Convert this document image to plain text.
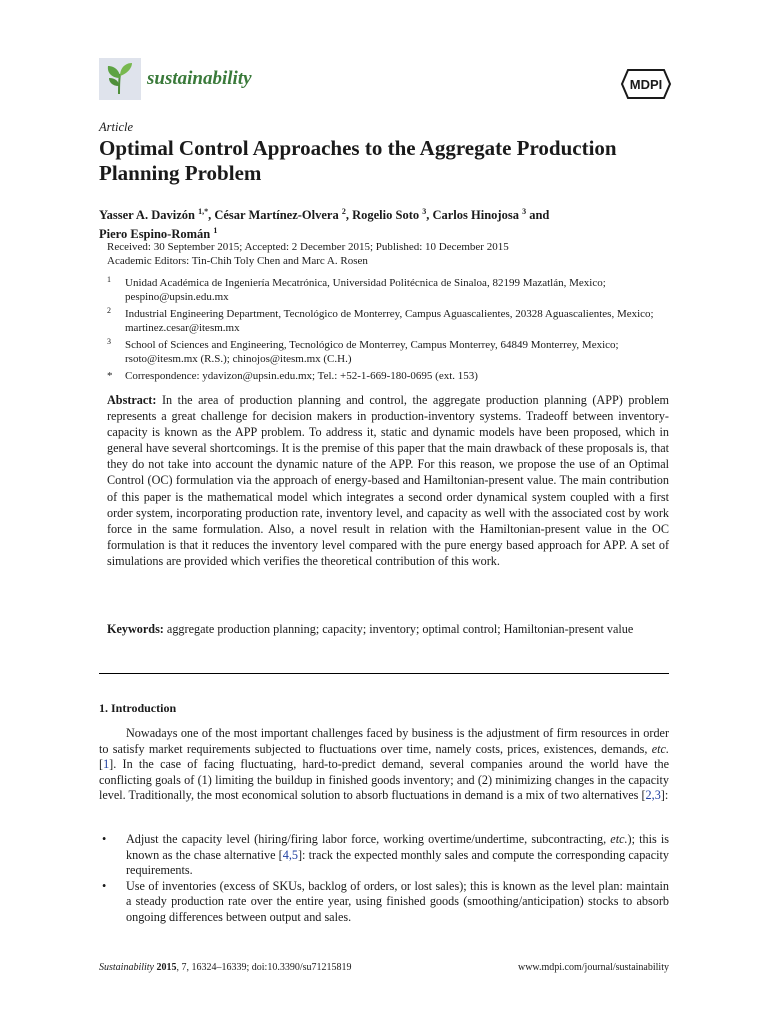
sustainability	MDPI
Article
Optimal Control Approaches to the Aggregate Production Planning Problem
Yasser A. Davizón $^{1,*}$, César Martínez-Olvera $^2$, Rogelio Soto $^3$, Carlos Hinojosa $^3$ and
Piero Espino-Román $^1$
Received: 30 September 2015; Accepted: 2 December 2015; Published: 10 December 2015
Academic Editors: Tin-Chih Toly Chen and Marc A. Rosen
1 Unidad Académica de Ingeniería Mecatrónica, Universidad Politécnica de Sinaloa, 82199 Mazatlán, Mexico; pespino@upsin.edu.mx
2 Industrial Engineering Department, Tecnológico de Monterrey, Campus Aguascalientes, 20328 Aguascalientes, Mexico; martinez.cesar@itesm.mx
3 School of Sciences and Engineering, Tecnológico de Monterrey, Campus Monterrey, 64849 Monterrey, Mexico; rsoto@itesm.mx (R.S.); chinojos@itesm.mx (C.H.)
* Correspondence: ydavizon@upsin.edu.mx; Tel.: +52-1-669-180-0695 (ext. 153)
Abstract: In the area of production planning and control, the aggregate production planning (APP) problem represents a great challenge for decision makers in production-inventory systems. Tradeoff between inventory-capacity is known as the APP problem. To address it, static and dynamic models have been proposed, which in general have several shortcomings. It is the premise of this paper that the main drawback of these proposals is, that they do not take into account the dynamic nature of the APP. For this reason, we propose the use of an Optimal Control (OC) formulation via the approach of energy-based and Hamiltonian-present value. The main contribution of this paper is the mathematical model which integrates a second order dynamical system coupled with a first order system, incorporating production rate, inventory level, and capacity as well with the associated cost by work force in the same formulation. Also, a novel result in relation with the Hamiltonian-present value in the OC formulation is that it reduces the inventory level compared with the pure energy based approach for APP. A set of simulations are provided which verifies the theoretical contribution of this work.
Keywords: aggregate production planning; capacity; inventory; optimal control; Hamiltonian-present value
1. Introduction

Nowadays one of the most important challenges faced by business is the adjustment of firm resources in order to satisfy market requirements subjected to fluctuations over time, namely costs, prices, existences, demands, etc. [1]. In the case of facing fluctuating, hard-to-predict demand, several companies around the world have the conflicting goals of (1) limiting the buildup in finished goods inventory; and (2) minimizing changes in the capacity level. Traditionally, the most economical solution to absorb fluctuations in demand is a mix of two alternatives [2,3]:

• Adjust the capacity level (hiring/firing labor force, working overtime/undertime, subcontracting, etc.); this is known as the chase alternative [4,5]: track the expected monthly sales and compute the corresponding capacity requirements.
• Use of inventories (excess of SKUs, backlog of orders, or lost sales); this is known as the level plan: maintain a steady production rate over the entire year, using finished goods (smoothing/anticipation) stocks to absorb ongoing differences between output and sales.
Sustainability 2015, 7, 16324–16339; doi:10.3390/su71215819	www.mdpi.com/journal/sustainability
